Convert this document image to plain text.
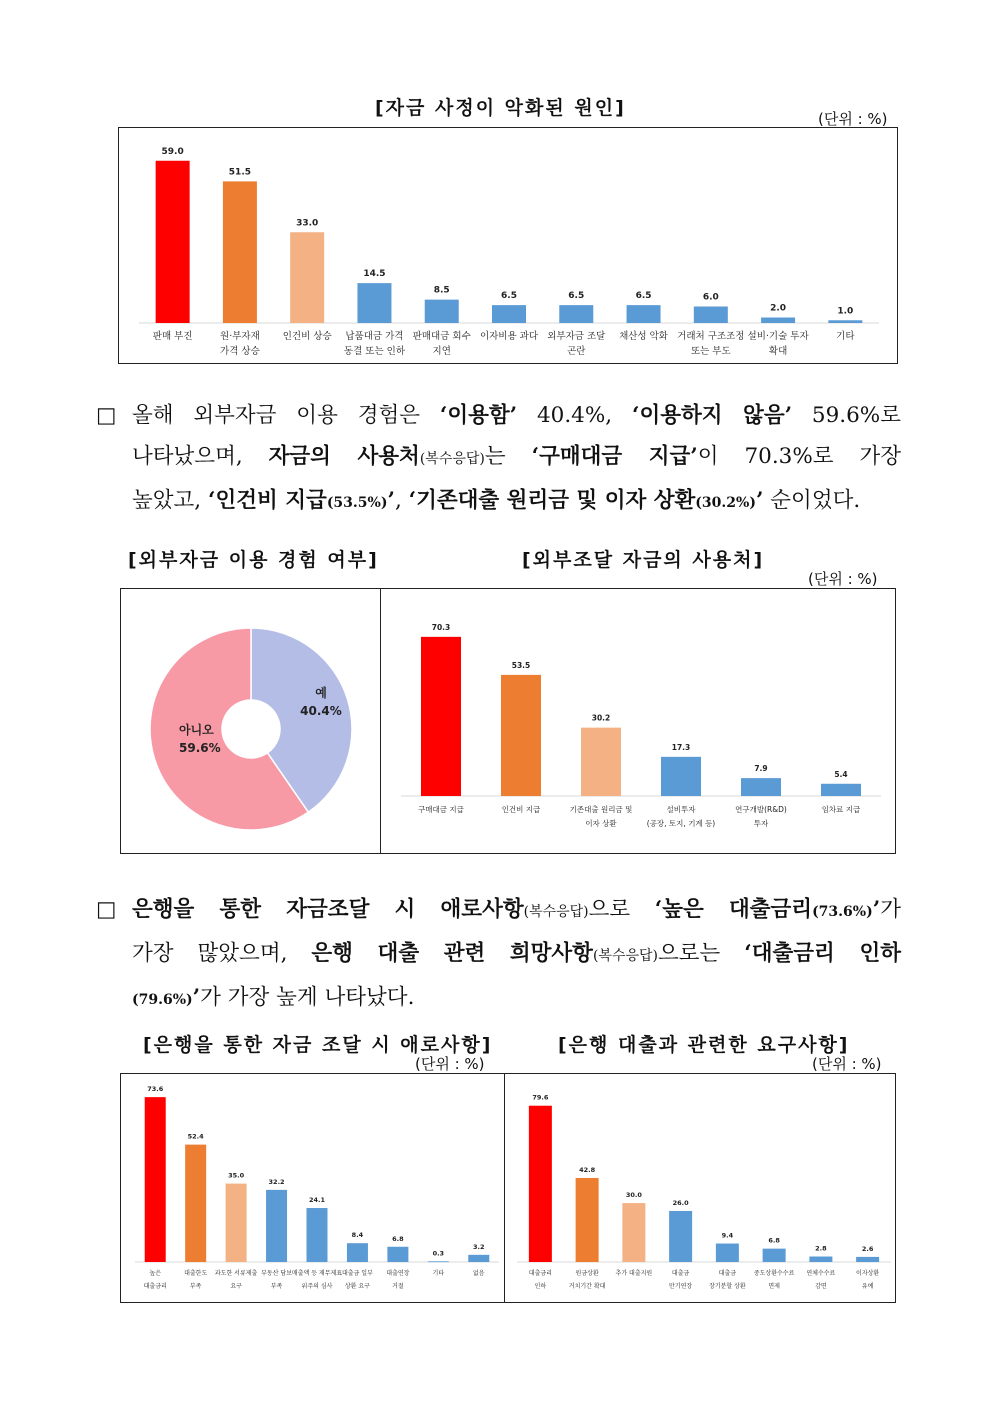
[자금 사정이 악화된 원인]	(단위 : %)
59.0
판매 부진
51.5
원·부자재
가격 상승
33.0
인건비 상승
14.5
납품대금 가격
동결 또는 인하
8.5
판매대금 회수
지연
6.5
이자비용 과다
6.5
외부자금 조달
곤란
6.5
채산성 악화
6.0
거래처 구조조정
또는 부도
2.0
설비·기술 투자
확대
1.0
기타
□ 올해 외부자금 이용 경험은 ‘이용함’ 40.4%, ‘이용하지 않음’ 59.6%로
나타났으며, 자금의 사용처(복수응답)는 ‘구매대금 지급’이 70.3%로 가장
높았고, ‘인건비 지급(53.5%)’, ‘기존대출 원리금 및 이자 상환(30.2%)’ 순이었다.
[외부자금 이용 경험 여부]	[외부조달 자금의 사용처]
(단위 : %)
예
40.4%
아니오
59.6%
70.3
구매대금 지급
53.5
인건비 지급
30.2
기존대출 원리금 및
이자 상환
17.3
설비투자
(공장, 토지, 기계 등)
7.9
연구개발(R&D)
투자
5.4
임차료 지급
□ 은행을 통한 자금조달 시 애로사항(복수응답)으로 ‘높은 대출금리(73.6%)’가
가장 많았으며, 은행 대출 관련 희망사항(복수응답)으로는 ‘대출금리 인하
(79.6%)’가 가장 높게 나타났다.
[은행을 통한 자금 조달 시 애로사항]
(단위 : %)
[은행 대출과 관련한 요구사항]
(단위 : %)
73.6
높은
대출금리
52.4
대출한도
부족
35.0
과도한 서류제출
요구
32.2
부동산 담보
부족
24.1
매출액 등 재무제표
위주의 심사
8.4
대출금 일부
상환 요구
6.8
대출연장
거절
0.3
기타
3.2
없음
79.6
대출금리
인하
42.8
원금상환
거치기간 확대
30.0
추가 대출지원
26.0
대출금
만기연장
9.4
대출금
장기분할 상환
6.8
중도상환수수료
면제
2.8
연체수수료
감면
2.6
이자상환
유예
